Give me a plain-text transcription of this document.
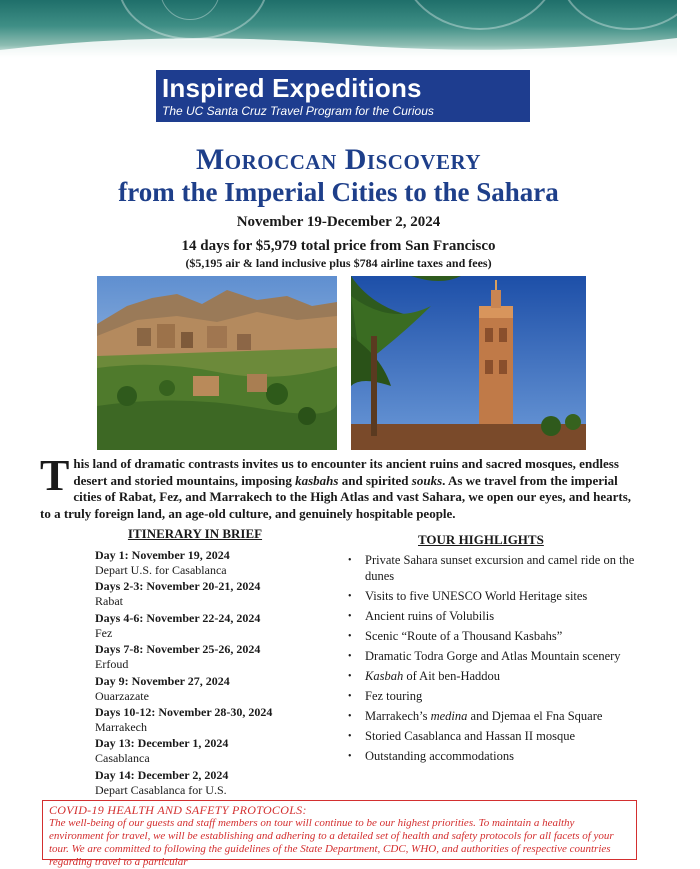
Inspired Expeditions
The UC Santa Cruz Travel Program for the Curious
Moroccan Discovery
from the Imperial Cities to the Sahara
November 19-December 2, 2024
14 days for $5,979 total price from San Francisco
($5,195 air & land inclusive plus $784 airline taxes and fees)
This land of dramatic contrasts invites us to encounter its ancient ruins and sacred mosques, endless desert and storied mountains, imposing kasbahs and spirited souks. As we travel from the imperial cities of Rabat, Fez, and Marrakech to the High Atlas and vast Sahara, we open our eyes, and hearts, to a truly foreign land, an age-old culture, and genuinely hospitable people.
ITINERARY IN BRIEF
Day 1: November 19, 2024
Depart U.S. for Casablanca
Days 2-3: November 20-21, 2024
Rabat
Days 4-6: November 22-24, 2024
Fez
Days 7-8: November 25-26, 2024
Erfoud
Day 9: November 27, 2024
Ouarzazate
Days 10-12: November 28-30, 2024
Marrakech
Day 13: December 1, 2024
Casablanca
Day 14: December 2, 2024
Depart Casablanca for U.S.
TOUR HIGHLIGHTS
• Private Sahara sunset excursion and camel ride on the dunes
• Visits to five UNESCO World Heritage sites
• Ancient ruins of Volubilis
• Scenic “Route of a Thousand Kasbahs”
• Dramatic Todra Gorge and Atlas Mountain scenery
• Kasbah of Ait ben-Haddou
• Fez touring
• Marrakech’s medina and Djemaa el Fna Square
• Storied Casablanca and Hassan II mosque
• Outstanding accommodations
COVID-19 HEALTH AND SAFETY PROTOCOLS:
The well-being of our guests and staff members on tour will continue to be our highest priorities. To maintain a healthy environment for travel, we will be establishing and adhering to a detailed set of health and safety protocols for all facets of your tour. We are committed to following the guidelines of the State Department, CDC, WHO, and authorities of respective countries regarding travel to a particular
